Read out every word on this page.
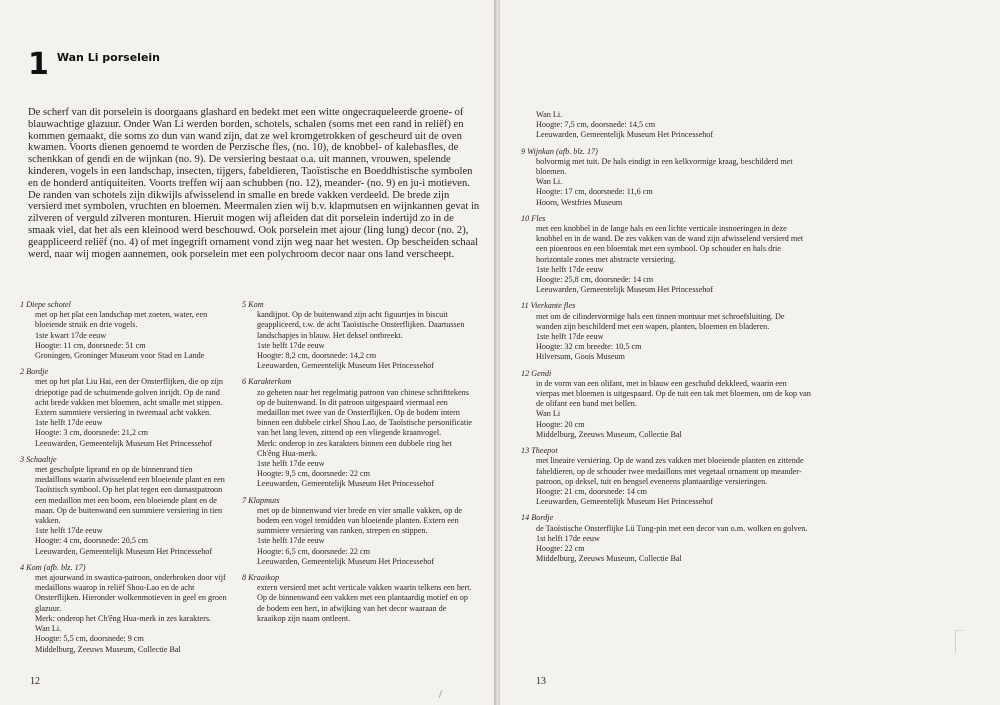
1 Wan Li porselein

De scherf van dit porselein is doorgaans glashard en bedekt met een witte ongecraqueleerde groene- of blauwachtige glazuur. Onder Wan Li werden borden, schotels, schalen (soms met een rand in reliëf) en kommen gemaakt, die soms zo dun van wand zijn, dat ze wel kromgetrokken of gescheurd uit de oven kwamen. Voorts dienen genoemd te worden de Perzische fles, (no. 10), de knobbel- of kalebasfles, de schenkkan of gendi en de wijnkan (no. 9). De versiering bestaat o.a. uit mannen, vrouwen, spelende kinderen, vogels in een landschap, insecten, tijgers, fabeldieren, Taoïstische en Boeddhistische symbolen en de honderd antiquiteiten. Voorts treffen wij aan schubben (no. 12), meander- (no. 9) en ju-i motieven. De randen van schotels zijn dikwijls afwisselend in smalle en brede vakken verdeeld. De brede zijn versierd met symbolen, vruchten en bloemen. Meermalen zien wij b.v. klapmutsen en wijnkannen gevat in zilveren of verguld zilveren monturen. Hieruit mogen wij afleiden dat dit porselein indertijd zo in de smaak viel, dat het als een kleinood werd beschouwd. Ook porselein met ajour (ling lung) decor (no. 2), geappliceerd reliëf (no. 4) of met ingegrift ornament vond zijn weg naar het westen. Op bescheiden schaal werd, naar wij mogen aannemen, ook porselein met een polychroom decor naar ons land verscheept.

1 Diepe schotel
met op het plat een landschap met zoeten, water, een bloeiende struik en drie vogels.
1ste kwart 17de eeuw
Hoogte: 11 cm, doorsnede: 51 cm
Groningen, Groninger Museum voor Stad en Lande
2 Bordje
met op het plat Liu Hai, een der Onsterflijken, die op zijn driepotige pad de schuimende golven inrijdt. Op de rand acht brede vakken met bloemen, acht smalle met stippen. Extern summiere versiering in tweemaal acht vakken.
1ste helft 17de eeuw
Hoogte: 3 cm, doorsnede: 21,2 cm
Leeuwarden, Gemeentelijk Museum Het Princessehof
3 Schaaltje
met geschulpte liprand en op de binnenrand tien medaillons waarin afwisselend een bloeiende plant en een Taoïstisch symbool. Op het plat tegen een damastpatroon een medaillon met een boom, een bloeiende plant en de maan. Op de buitenwand een summiere versiering in tien vakken.
1ste helft 17de eeuw
Hoogte: 4 cm, doorsnede: 20,5 cm
Leeuwarden, Gemeentelijk Museum Het Princessehof
4 Kom (afb. blz. 17)
met ajourwand in swastica-patroon, onderbroken door vijf medaillons waarop in reliëf Shou-Lao en de acht Onsterflijken. Hieronder wolkenmotieven in geel en groen glazuur.
Merk: onderop het Ch'êng Hua-merk in zes karakters.
Wan Li.
Hoogte: 5,5 cm, doorsnede: 9 cm
Middelburg, Zeeuws Museum, Collectie Bal
5 Kom
kandijpot. Op de buitenwand zijn acht figuurtjes in biscuit geappliceerd, t.w. de acht Taoïstische Onsterflijken. Daartussen landschapjes in blauw. Het deksel ontbreekt.
1ste helft 17de eeuw
Hoogte: 8,2 cm, doorsnede: 14,2 cm
Leeuwarden, Gemeentelijk Museum Het Princessehof
6 Karakterkom
zo geheten naar het regelmatig patroon van chinese schrifttekens op de buitenwand. In dit patroon uitgespaard viermaal een medaillon met twee van de Onsterflijken. Op de bodem intern binnen een dubbele cirkel Shou Lao, de Taoïstische personificatie van het lang leven, zittend op een vliegende kraanvogel.
Merk: onderop in zes karakters binnen een dubbele ring het Ch'êng Hua-merk.
1ste helft 17de eeuw
Hoogte: 9,5 cm, doorsnede: 22 cm
Leeuwarden, Gemeentelijk Museum Het Princessehof
7 Klapmuts
met op de binnenwand vier brede en vier smalle vakken, op de bodem een vogel temidden van bloeiende planten. Extern een summiere versiering van ranken, strepen en stippen.
1ste helft 17de eeuw
Hoogte: 6,5 cm, doorsnede: 22 cm
Leeuwarden, Gemeentelijk Museum Het Princessehof
8 Kraaikop
extern versierd met acht verticale vakken waarin telkens een hert. Op de binnenwand een vakken met een plantaardig motief en op de bodem een hert, in afwijking van het decor waaraan de kraaikop zijn naam ontleent.
12
Wan Li.
Hoogte: 7,5 cm, doorsnede: 14,5 cm
Leeuwarden, Gemeentelijk Museum Het Princessehof
9 Wijnkan (afb. blz. 17)
bolvormig met tuit. De hals eindigt in een kelkvormige kraag, beschilderd met bloemen.
Wan Li.
Hoogte: 17 cm, doorsnede: 11,6 cm
Hoorn, Westfries Museum
10 Fles
met een knobbel in de lange hals en een lichte verticale insnoeringen in deze knobbel en in de wand. De zes vakken van de wand zijn afwisselend versierd met een pioenroos en een bloemtak met een symbool. Op schouder en hals drie horizontale zones met abstracte versiering.
1ste helft 17de eeuw
Hoogte: 25,8 cm, doorsnede: 14 cm
Leeuwarden, Gemeentelijk Museum Het Princessehof
11 Vierkante fles
met om de cilindervormige hals een tinnen montuur met schroefsluiting. De wanden zijn beschilderd met een wapen, planten, bloemen en bladeren.
1ste helft 17de eeuw
Hoogte: 32 cm breedte: 10,5 cm
Hilversum, Goois Museum
12 Gendi
in de vorm van een olifant, met in blauw een geschubd dekkleed, waarin een vierpas met bloemen is uitgespaard. Op de tuit een tak met bloemen, om de kop van de olifant een band met bellen.
Wan Li
Hoogte: 20 cm
Middelburg, Zeeuws Museum, Collectie Bal
13 Theepot
met lineaire versiering. Op de wand zes vakken met bloeiende planten en zittende fabeldieren, op de schouder twee medaillons met vegetaal ornament op meander-patroon, op deksel, tuit en hengsel eveneens plantaardige versieringen.
Hoogte: 21 cm, doorsnede: 14 cm
Leeuwarden, Gemeentelijk Museum Het Princessehof
14 Bordje
de Taoïstische Onsterflijke Lü Tung-pin met een decor van o.m. wolken en golven.
1st helft 17de eeuw
Hoogte: 22 cm
Middelburg, Zeeuws Museum, Collectie Bal
13
